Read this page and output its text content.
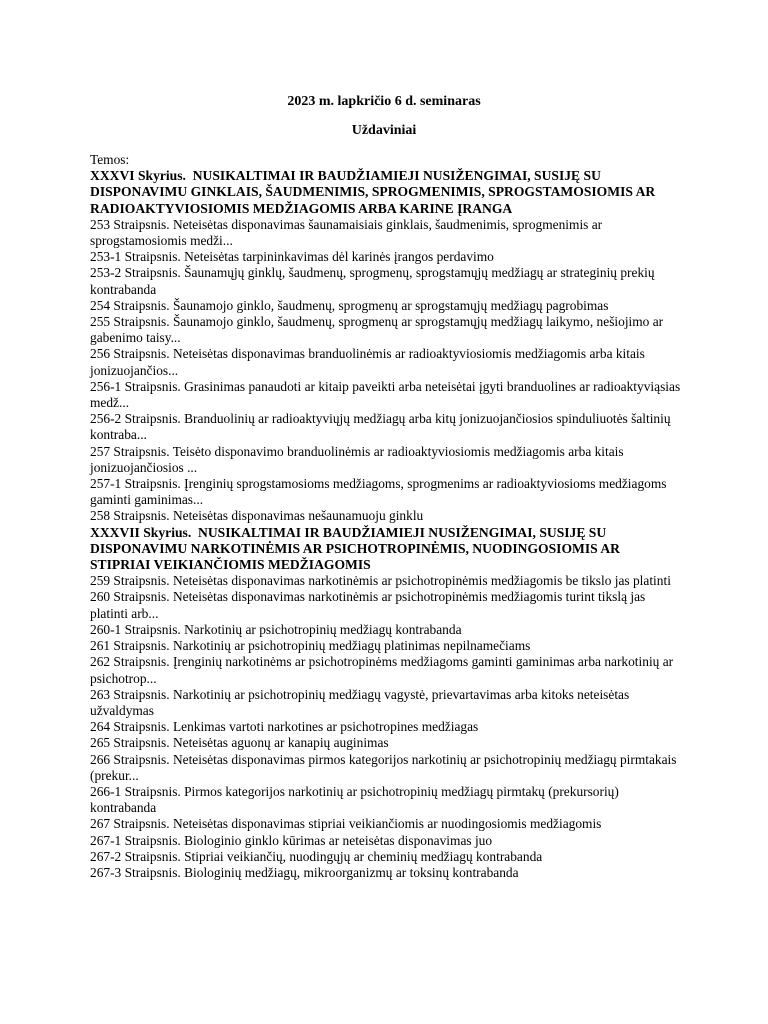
2023 m. lapkričio 6 d. seminaras

Uždaviniai

Temos:

XXXVI Skyrius. NUSIKALTIMAI IR BAUDŽIAMIEJI NUSIŽENGIMAI, SUSIJĘ SU DISPONAVIMU GINKLAIS, ŠAUDMENIMIS, SPROGMENIMIS, SPROGSTAMOSIOMIS AR RADIOAKTYVIOSIOMIS MEDŽIAGOMIS ARBA KARINE ĮRANGA

253 Straipsnis. Neteisėtas disponavimas šaunamaisiais ginklais, šaudmenimis, sprogmenimis ar sprogstamosiomis medži...

253-1 Straipsnis. Neteisėtas tarpininkavimas dėl karinės įrangos perdavimo

253-2 Straipsnis. Šaunamųjų ginklų, šaudmenų, sprogmenų, sprogstamųjų medžiagų ar strateginių prekių kontrabanda

254 Straipsnis. Šaunamojo ginklo, šaudmenų, sprogmenų ar sprogstamųjų medžiagų pagrobimas

255 Straipsnis. Šaunamojo ginklo, šaudmenų, sprogmenų ar sprogstamųjų medžiagų laikymo, nešiojimo ar gabenimo taisy...

256 Straipsnis. Neteisėtas disponavimas branduolinėmis ar radioaktyviosiomis medžiagomis arba kitais jonizuojančios...

256-1 Straipsnis. Grasinimas panaudoti ar kitaip paveikti arba neteisėtai įgyti branduolines ar radioaktyviąsias medž...

256-2 Straipsnis. Branduolinių ar radioaktyviųjų medžiagų arba kitų jonizuojančiosios spinduliuotės šaltinių kontraba...

257 Straipsnis. Teisėto disponavimo branduolinėmis ar radioaktyviosiomis medžiagomis arba kitais jonizuojančiosios ...

257-1 Straipsnis. Įrenginių sprogstamosioms medžiagoms, sprogmenims ar radioaktyviosioms medžiagoms gaminti gaminimas...

258 Straipsnis. Neteisėtas disponavimas nešaunamuoju ginklu

XXXVII Skyrius. NUSIKALTIMAI IR BAUDŽIAMIEJI NUSIŽENGIMAI, SUSIJĘ SU DISPONAVIMU NARKOTINĖMIS AR PSICHOTROPINĖMIS, NUODINGOSIOMIS AR STIPRIAI VEIKIANČIOMIS MEDŽIAGOMIS

259 Straipsnis. Neteisėtas disponavimas narkotinėmis ar psichotropinėmis medžiagomis be tikslo jas platinti

260 Straipsnis. Neteisėtas disponavimas narkotinėmis ar psichotropinėmis medžiagomis turint tikslą jas platinti arb...

260-1 Straipsnis. Narkotinių ar psichotropinių medžiagų kontrabanda

261 Straipsnis. Narkotinių ar psichotropinių medžiagų platinimas nepilnamečiams

262 Straipsnis. Įrenginių narkotinėms ar psichotropinėms medžiagoms gaminti gaminimas arba narkotinių ar psichotrop...

263 Straipsnis. Narkotinių ar psichotropinių medžiagų vagystė, prievartavimas arba kitoks neteisėtas užvaldymas

264 Straipsnis. Lenkimas vartoti narkotines ar psichotropines medžiagas

265 Straipsnis. Neteisėtas aguonų ar kanapių auginimas

266 Straipsnis. Neteisėtas disponavimas pirmos kategorijos narkotinių ar psichotropinių medžiagų pirmtakais (prekur...

266-1 Straipsnis. Pirmos kategorijos narkotinių ar psichotropinių medžiagų pirmtakų (prekursorių) kontrabanda

267 Straipsnis. Neteisėtas disponavimas stipriai veikiančiomis ar nuodingosiomis medžiagomis

267-1 Straipsnis. Biologinio ginklo kūrimas ar neteisėtas disponavimas juo

267-2 Straipsnis. Stipriai veikiančių, nuodingųjų ar cheminių medžiagų kontrabanda

267-3 Straipsnis. Biologinių medžiagų, mikroorganizmų ar toksinų kontrabanda
